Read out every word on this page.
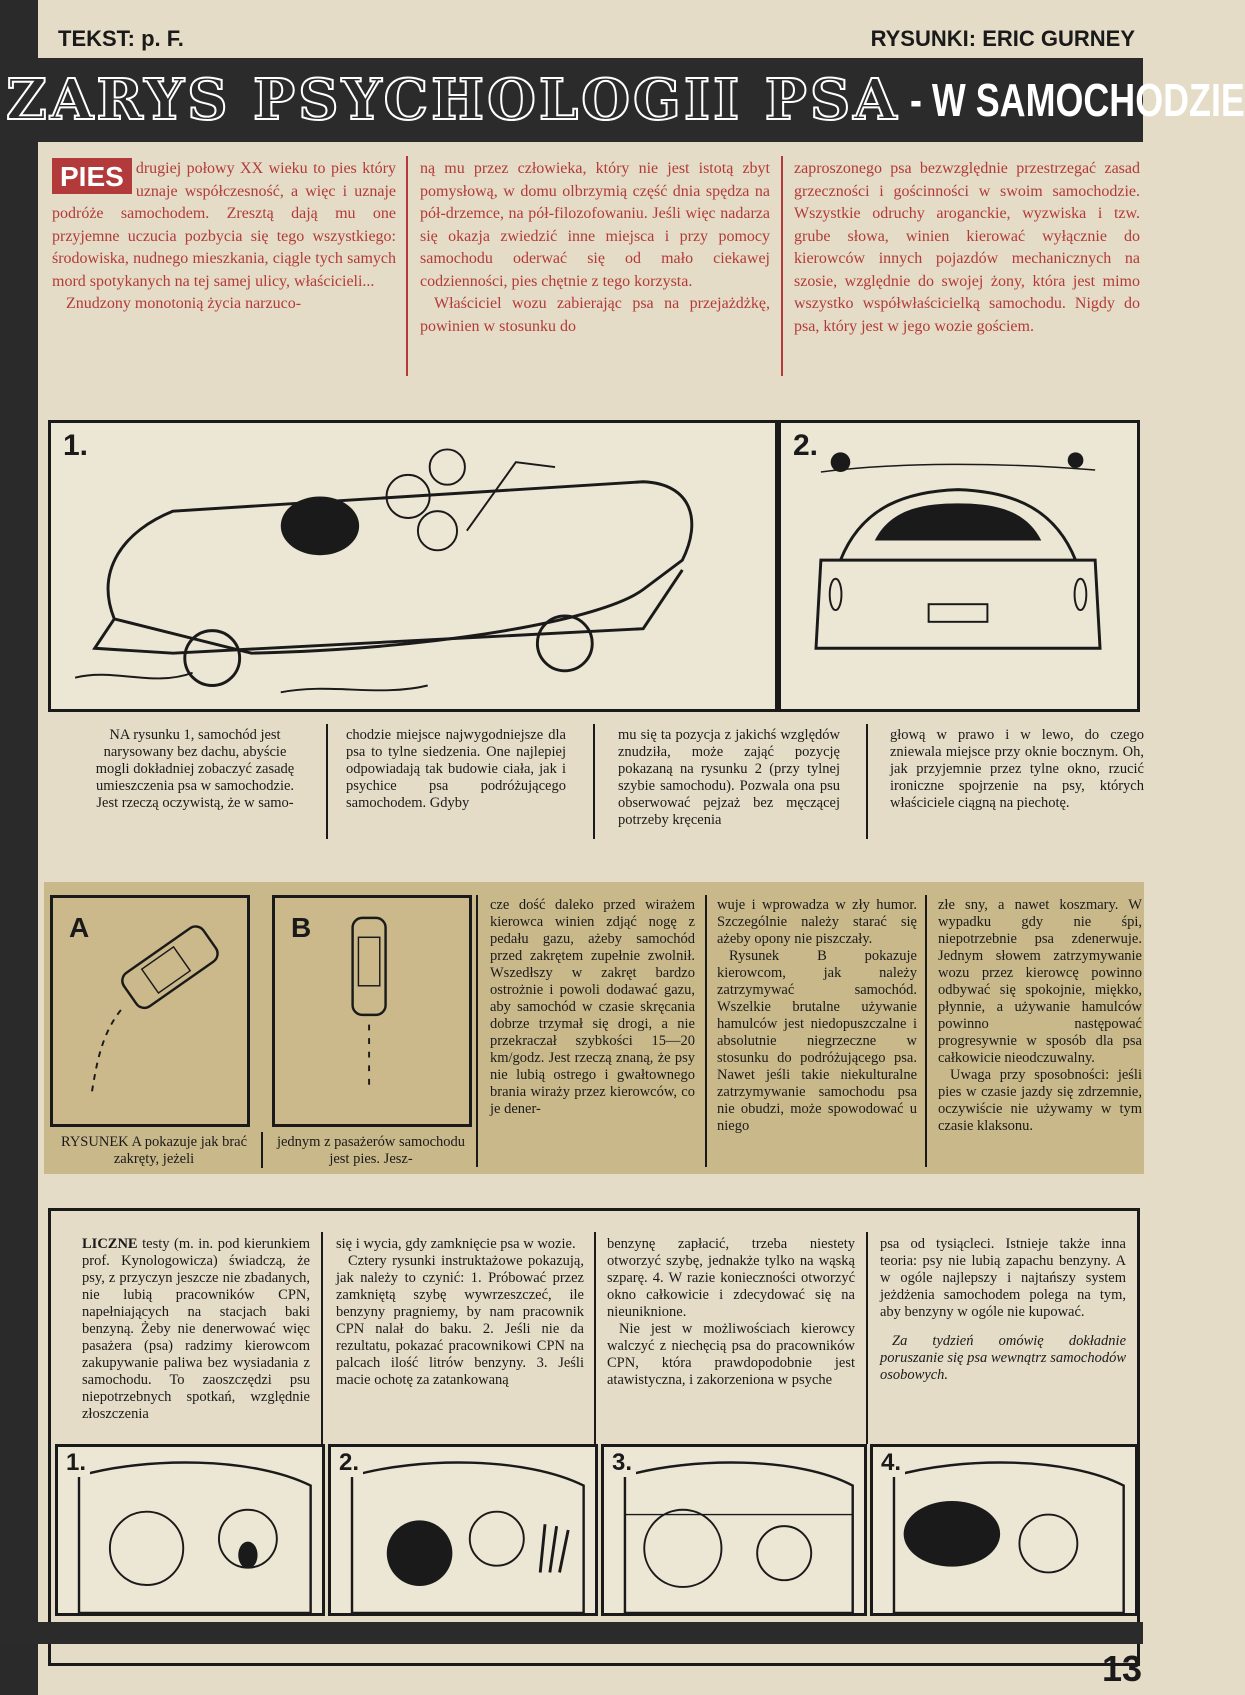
TEKST: p. F.	RYSUNKI: ERIC GURNEY
ZARYS PSYCHOLOGII PSA - W SAMOCHODZIE
PIES drugiej połowy XX wieku to pies który uznaje współczesność, a więc i uznaje podróże samochodem. Zresztą dają mu one przyjemne uczucia pozbycia się tego wszystkiego: środowiska, nudnego mieszkania, ciągle tych samych mord spotykanych na tej samej ulicy, właścicieli...
Znudzony monotonią życia narzuco-
ną mu przez człowieka, który nie jest istotą zbyt pomysłową, w domu olbrzymią część dnia spędza na pół-drzemce, na pół-filozofowaniu. Jeśli więc nadarza się okazja zwiedzić inne miejsca i przy pomocy samochodu oderwać się od mało ciekawej codzienności, pies chętnie z tego korzysta.
Właściciel wozu zabierając psa na przejażdżkę, powinien w stosunku do
zaproszonego psa bezwzględnie przestrzegać zasad grzeczności i gościnności w swoim samochodzie. Wszystkie odruchy aroganckie, wyzwiska i tzw. grube słowa, winien kierować wyłącznie do kierowców innych pojazdów mechanicznych na szosie, względnie do swojej żony, która jest mimo wszystko współwłaścicielką samochodu. Nigdy do psa, który jest w jego wozie gościem.
1.	2.
NA rysunku 1, samochód jest narysowany bez dachu, abyście mogli dokładniej zobaczyć zasadę umieszczenia psa w samochodzie. Jest rzeczą oczywistą, że w samo-
chodzie miejsce najwygodniejsze dla psa to tylne siedzenia. One najlepiej odpowiadają tak budowie ciała, jak i psychice psa podróżującego samochodem. Gdyby
mu się ta pozycja z jakichś względów znudziła, może zająć pozycję pokazaną na rysunku 2 (przy tylnej szybie samochodu). Pozwala ona psu obserwować pejzaż bez męczącej potrzeby kręcenia
głową w prawo i w lewo, do czego zniewala miejsce przy oknie bocznym. Oh, jak przyjemnie przez tylne okno, rzucić ironiczne spojrzenie na psy, których właściciele ciągną na piechotę.
A	B
RYSUNEK A pokazuje jak brać zakręty, jeżeli
jednym z pasażerów samochodu jest pies. Jesz-
cze dość daleko przed wirażem kierowca winien zdjąć nogę z pedału gazu, ażeby samochód przed zakrętem zupełnie zwolnił. Wszedłszy w zakręt bardzo ostrożnie i powoli dodawać gazu, aby samochód w czasie skręcania dobrze trzymał się drogi, a nie przekraczał szybkości 15—20 km/godz. Jest rzeczą znaną, że psy nie lubią ostrego i gwałtownego brania wiraży przez kierowców, co je dener-
wuje i wprowadza w zły humor. Szczególnie należy starać się ażeby opony nie piszczały.
Rysunek B pokazuje kierowcom, jak należy zatrzymywać samochód. Wszelkie brutalne używanie hamulców jest niedopuszczalne i absolutnie niegrzeczne w stosunku do podróżującego psa. Nawet jeśli takie niekulturalne zatrzymywanie samochodu psa nie obudzi, może spowodować u niego
złe sny, a nawet koszmary. W wypadku gdy nie śpi, niepotrzebnie psa zdenerwuje. Jednym słowem zatrzymywanie wozu przez kierowcę powinno odbywać się spokojnie, miękko, płynnie, a używanie hamulców powinno następować progresywnie w sposób dla psa całkowicie nieodczuwalny.
Uwaga przy sposobności: jeśli pies w czasie jazdy się zdrzemnie, oczywiście nie używamy w tym czasie klaksonu.
LICZNE testy (m. in. pod kierunkiem prof. Kynologowicza) świadczą, że psy, z przyczyn jeszcze nie zbadanych, nie lubią pracowników CPN, napełniających na stacjach baki benzyną. Żeby nie denerwować więc pasażera (psa) radzimy kierowcom zakupywanie paliwa bez wysiadania z samochodu. To zaoszczędzi psu niepotrzebnych spotkań, względnie złoszczenia
się i wycia, gdy zamknięcie psa w wozie.
Cztery rysunki instruktażowe pokazują, jak należy to czynić: 1. Próbować przez zamkniętą szybę wywrzeszczeć, ile benzyny pragniemy, by nam pracownik CPN nalał do baku. 2. Jeśli nie da rezultatu, pokazać pracownikowi CPN na palcach ilość litrów benzyny. 3. Jeśli macie ochotę za zatankowaną
benzynę zapłacić, trzeba niestety otworzyć szybę, jednakże tylko na wąską szparę. 4. W razie konieczności otworzyć okno całkowicie i zdecydować się na nieuniknione.
Nie jest w możliwościach kierowcy walczyć z niechęcią psa do pracowników CPN, która prawdopodobnie jest atawistyczna, i zakorzeniona w psyche
psa od tysiącleci. Istnieje także inna teoria: psy nie lubią zapachu benzyny. A w ogóle najlepszy i najtańszy system jeżdżenia samochodem polega na tym, aby benzyny w ogóle nie kupować.
Za tydzień omówię dokładnie poruszanie się psa wewnątrz samochodów osobowych.
1.	2.	3.	4.
13
